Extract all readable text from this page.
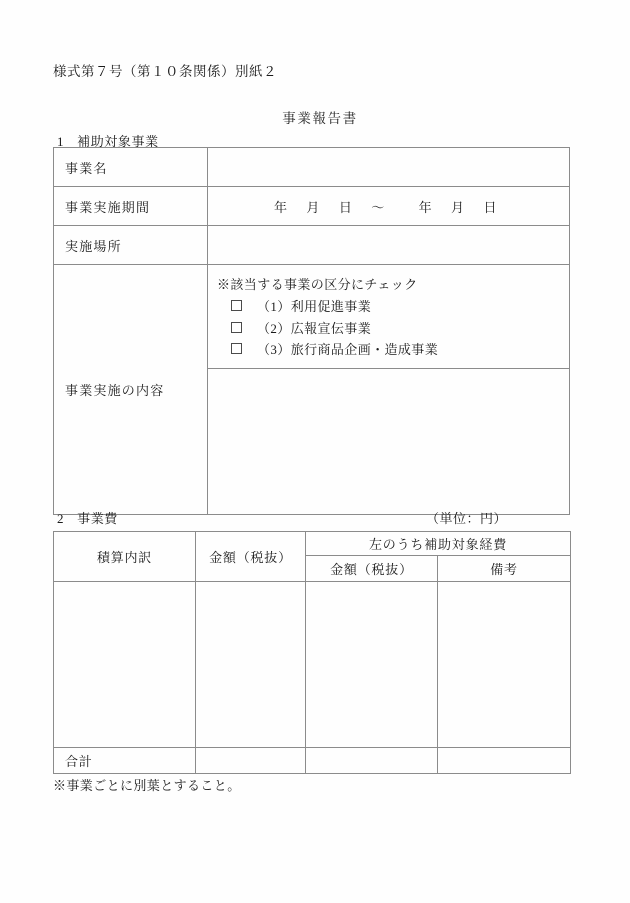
様式第７号（第１０条関係）別紙２
事業報告書
1 補助対象事業
事業名	
事業実施期間	年 月 日 ～ 年 月 日

実施場所	
事業実施の内容	※該当する事業の区分にチェック
（1）利用促進事業
（2）広報宣伝事業
（3）旅行商品企画・造成事業
2 事業費	（単位：円）
積算内訳	金額（税抜）	左のうち補助対象経費	
		金額（税抜）	備考

合計			
※事業ごとに別葉とすること。
